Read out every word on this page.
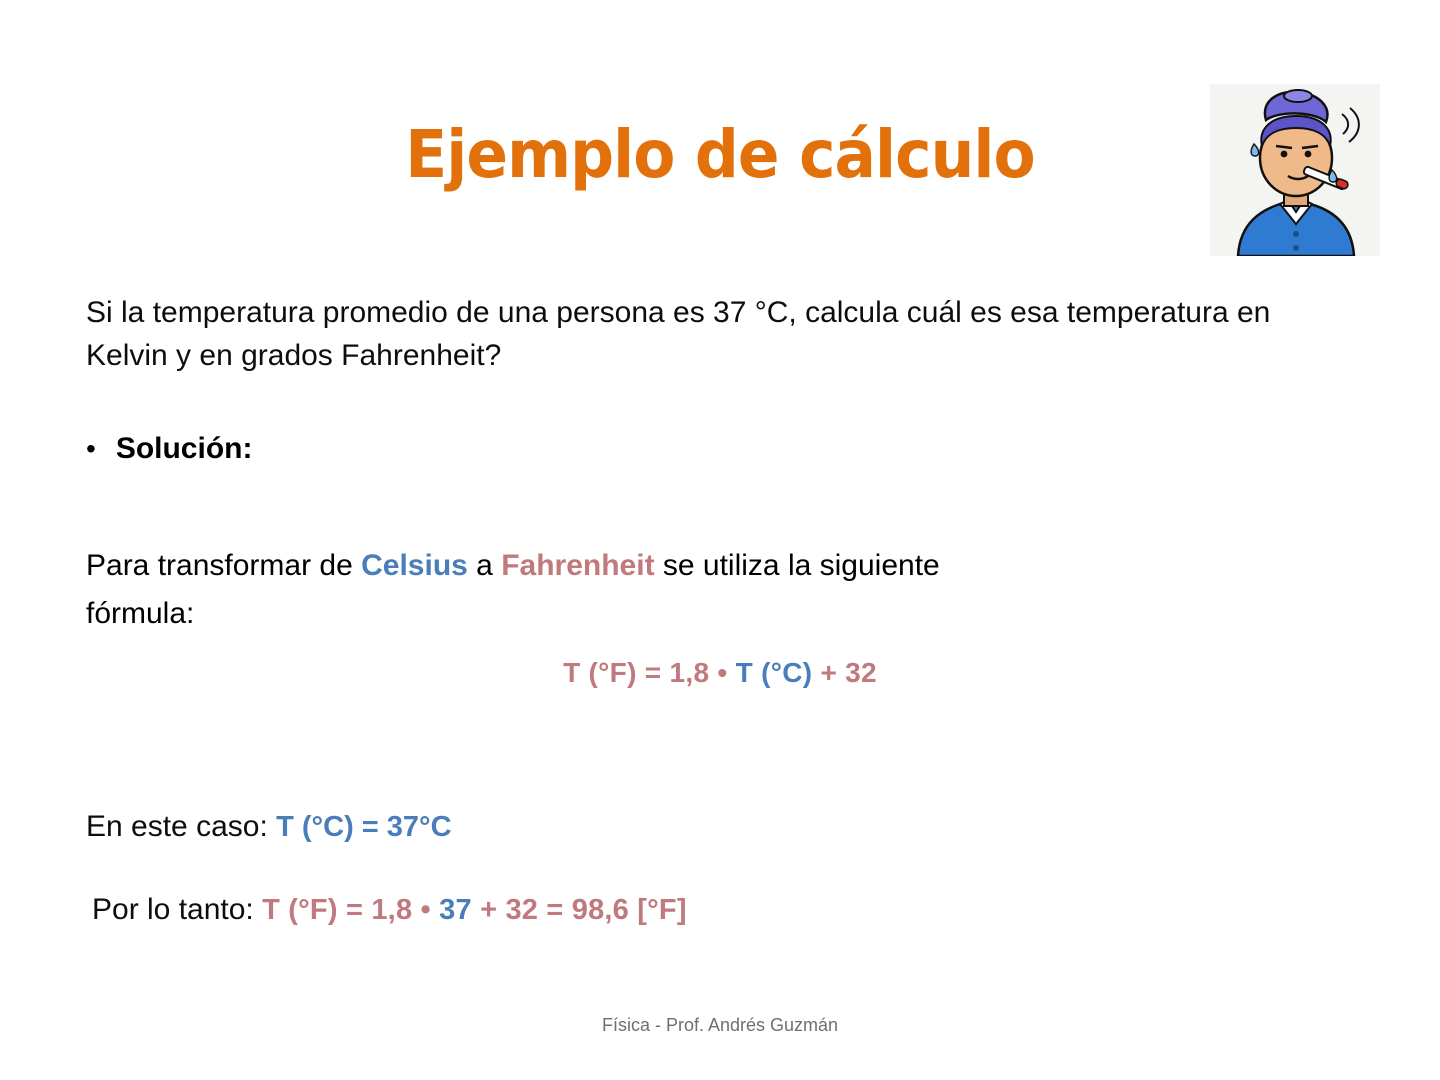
Ejemplo de cálculo

Si la temperatura promedio de una persona es 37 °C, calcula cuál es esa temperatura en Kelvin y en grados Fahrenheit?

• Solución:

Para transformar de Celsius a Fahrenheit se utiliza la siguiente
fórmula:

T (°F) = 1,8 • T (°C) + 32
En este caso: T (°C) = 37°C
Por lo tanto: T (°F) = 1,8 • 37 + 32 = 98,6 [°F]
Física - Prof. Andrés Guzmán
